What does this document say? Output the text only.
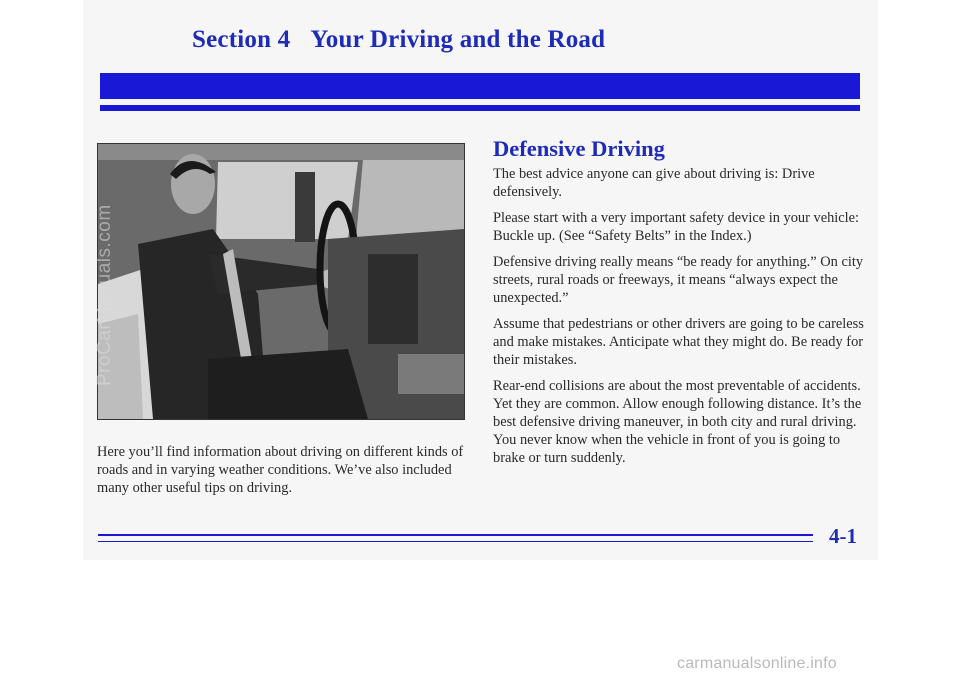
Section 4 Your Driving and the Road
ProCarManuals.com

Here you’ll find information about driving on different kinds of roads and in varying weather conditions. We’ve also included many other useful tips on driving.

Defensive Driving

The best advice anyone can give about driving is: Drive defensively.

Please start with a very important safety device in your vehicle: Buckle up. (See “Safety Belts” in the Index.)

Defensive driving really means “be ready for anything.” On city streets, rural roads or freeways, it means “always expect the unexpected.”

Assume that pedestrians or other drivers are going to be careless and make mistakes. Anticipate what they might do. Be ready for their mistakes.

Rear-end collisions are about the most preventable of accidents. Yet they are common. Allow enough following distance. It’s the best defensive driving maneuver, in both city and rural driving. You never know when the vehicle in front of you is going to brake or turn suddenly.

4-1

carmanualsonline.info
